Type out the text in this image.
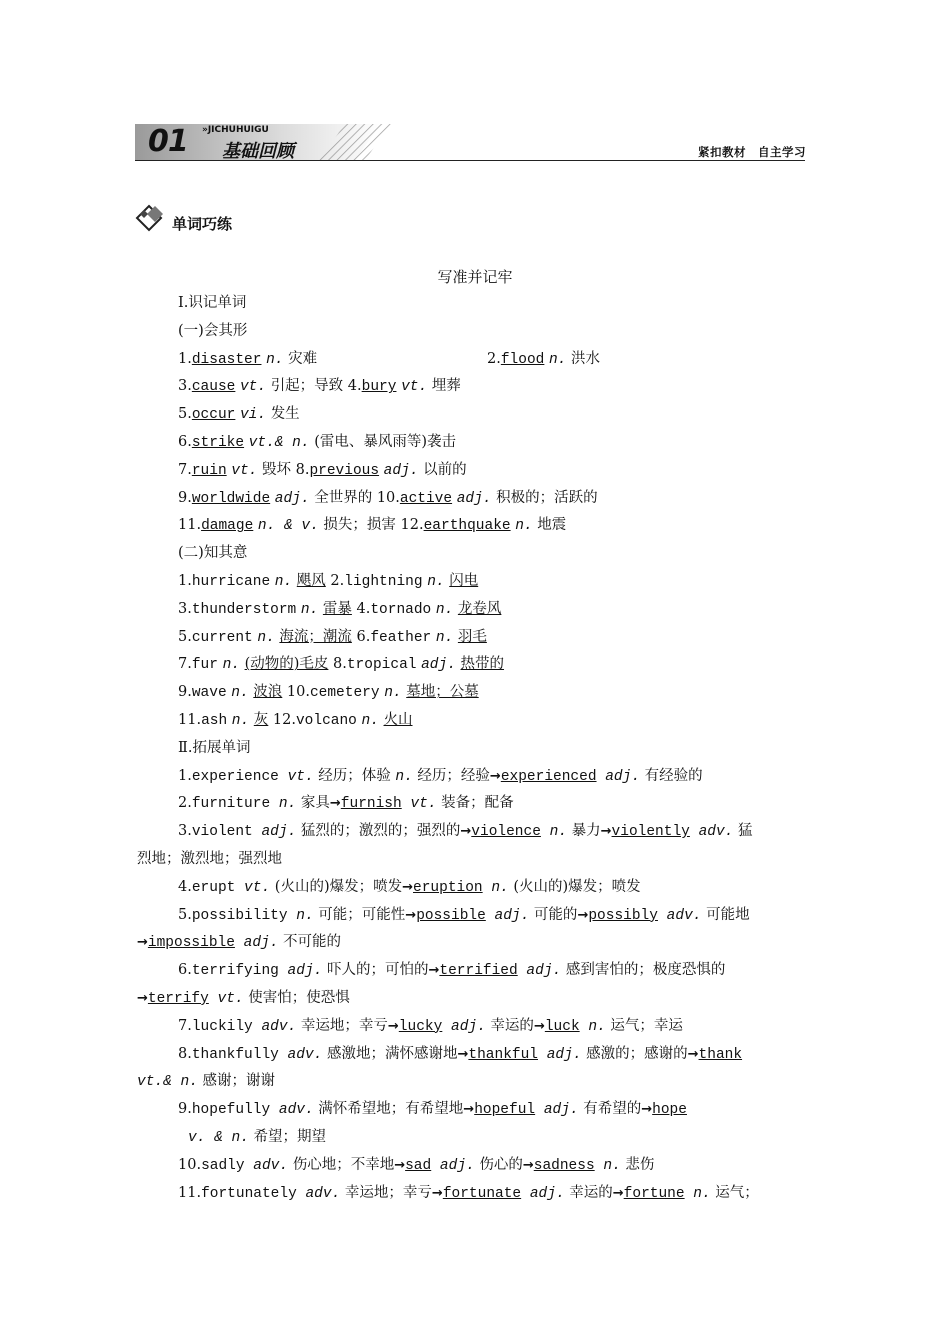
01 »JICHUHUIGU
基础回顾	紧扣教材　自主学习
单词巧练
写准并记牢
Ⅰ.识记单词
(一)会其形
1.disaster n. 灾难	2.flood n. 洪水
3.cause vt. 引起；导致 4.bury vt. 埋葬
5.occur vi. 发生
6.strike vt.& n. (雷电、暴风雨等)袭击
7.ruin vt. 毁坏 8.previous adj. 以前的
9.worldwide adj. 全世界的 10.active adj. 积极的；活跃的
11.damage n. & v. 损失；损害 12.earthquake n. 地震
(二)知其意
1.hurricane n. 飓风 2.lightning n. 闪电
3.thunderstorm n. 雷暴 4.tornado n. 龙卷风
5.current n. 海流；潮流 6.feather n. 羽毛
7.fur n. (动物的)毛皮 8.tropical adj. 热带的
9.wave n. 波浪 10.cemetery n. 墓地；公墓
11.ash n. 灰 12.volcano n. 火山
Ⅱ.拓展单词
1.experience vt. 经历；体验 n. 经历；经验→experienced adj. 有经验的
2.furniture n. 家具→furnish vt. 装备；配备
3.violent adj. 猛烈的；激烈的；强烈的→violence n. 暴力→violently adv. 猛
烈地；激烈地；强烈地
4.erupt vt. (火山的)爆发；喷发→eruption n. (火山的)爆发；喷发
5.possibility n. 可能；可能性→possible adj. 可能的→possibly adv. 可能地
→impossible adj. 不可能的
6.terrifying adj. 吓人的；可怕的→terrified adj. 感到害怕的；极度恐惧的
→terrify vt. 使害怕；使恐惧
7.luckily adv. 幸运地；幸亏→lucky adj. 幸运的→luck n. 运气；幸运
8.thankfully adv. 感激地；满怀感谢地→thankful adj. 感激的；感谢的→thank
vt.& n. 感谢；谢谢
9.hopefully adv. 满怀希望地；有希望地→hopeful adj. 有希望的→hope
v. & n. 希望；期望
10.sadly adv. 伤心地；不幸地→sad adj. 伤心的→sadness n. 悲伤
11.fortunately adv. 幸运地；幸亏→fortunate adj. 幸运的→fortune n. 运气；
